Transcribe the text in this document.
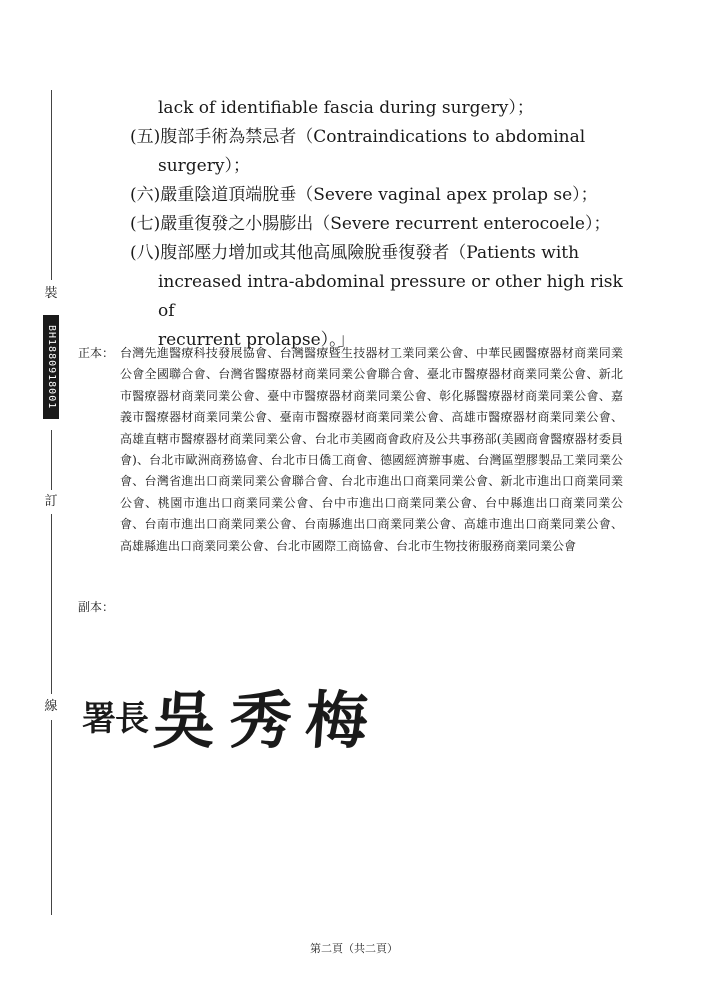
裝
訂
線
BH1880918001
lack of identifiable fascia during surgery）；
(五) 腹部手術為禁忌者（Contraindications to abdominal
surgery）；
(六) 嚴重陰道頂端脫垂（Severe vaginal apex prolap se）；
(七) 嚴重復發之小腸膨出（Severe recurrent enterocoele）；
(八) 腹部壓力增加或其他高風險脫垂復發者（Patients with
increased intra-abdominal pressure or other high risk of
recurrent prolapse）。」
正本： 台灣先進醫療科技發展協會、台灣醫療暨生技器材工業同業公會、中華民國醫療器材商業同業公會全國聯合會、台灣省醫療器材商業同業公會聯合會、臺北市醫療器材商業同業公會、新北市醫療器材商業同業公會、臺中市醫療器材商業同業公會、彰化縣醫療器材商業同業公會、嘉義市醫療器材商業同業公會、臺南市醫療器材商業同業公會、高雄市醫療器材商業同業公會、高雄直轄市醫療器材商業同業公會、台北市美國商會政府及公共事務部(美國商會醫療器材委員會)、台北市歐洲商務協會、台北市日僑工商會、德國經濟辦事處、台灣區塑膠製品工業同業公會、台灣省進出口商業同業公會聯合會、台北市進出口商業同業公會、新北市進出口商業同業公會、桃園市進出口商業同業公會、台中市進出口商業同業公會、台中縣進出口商業同業公會、台南市進出口商業同業公會、台南縣進出口商業同業公會、高雄市進出口商業同業公會、高雄縣進出口商業同業公會、台北市國際工商協會、台北市生物技術服務商業同業公會
副本：
署長 吳秀梅
第二頁（共二頁）
